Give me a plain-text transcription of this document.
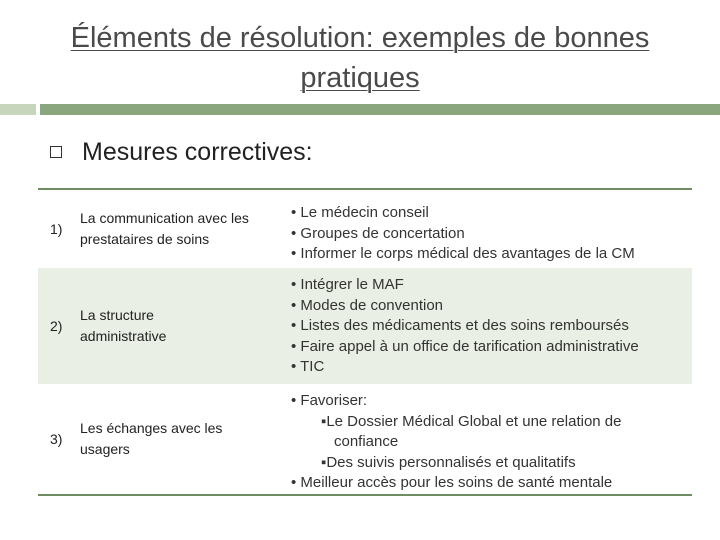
Éléments de résolution: exemples de bonnes
pratiques
Mesures correctives:
1)
La communication avec les prestataires de soins
• Le médecin conseil
• Groupes de concertation
• Informer le corps médical des avantages de la CM
2)
La structure administrative
• Intégrer le MAF
• Modes de convention
• Listes des médicaments et des soins remboursés
• Faire appel à un office de tarification administrative
• TIC
3)
Les échanges avec les usagers
• Favoriser:
▪Le Dossier Médical Global et une relation de
confiance
▪Des suivis personnalisés et qualitatifs
• Meilleur accès pour les soins de santé mentale
